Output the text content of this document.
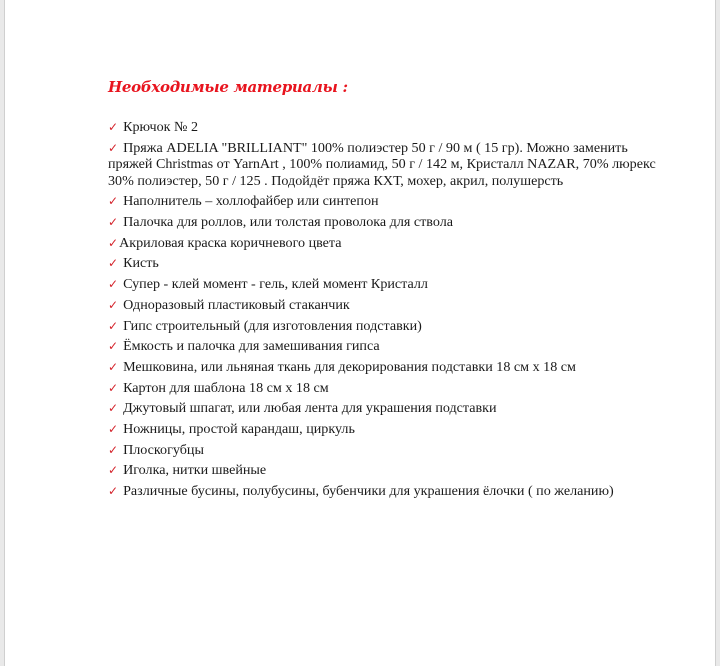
Необходимые материалы :
✓ Крючок № 2
✓ Пряжа ADELIA "BRILLIANT" 100% полиэстер 50 г / 90 м ( 15 гр). Можно заменить пряжей Christmas от YarnArt , 100% полиамид, 50 г / 142 м, Кристалл NAZAR, 70% люрекс 30% полиэстер, 50 г / 125 . Подойдёт пряжа КХТ, мохер, акрил, полушерсть
✓ Наполнитель – холлофайбер или синтепон
✓ Палочка для роллов, или толстая проволока для ствола
✓Акриловая краска коричневого цвета
✓ Кисть
✓ Супер - клей момент - гель, клей момент Кристалл
✓ Одноразовый пластиковый стаканчик
✓ Гипс строительный (для изготовления подставки)
✓ Ёмкость и палочка для замешивания гипса
✓ Мешковина, или льняная ткань для декорирования подставки 18 см х 18 см
✓ Картон для шаблона 18 см х 18 см
✓ Джутовый шпагат, или любая лента для украшения подставки
✓ Ножницы, простой карандаш, циркуль
✓ Плоскогубцы
✓ Иголка, нитки швейные
✓ Различные бусины, полубусины, бубенчики для украшения ёлочки ( по желанию)
